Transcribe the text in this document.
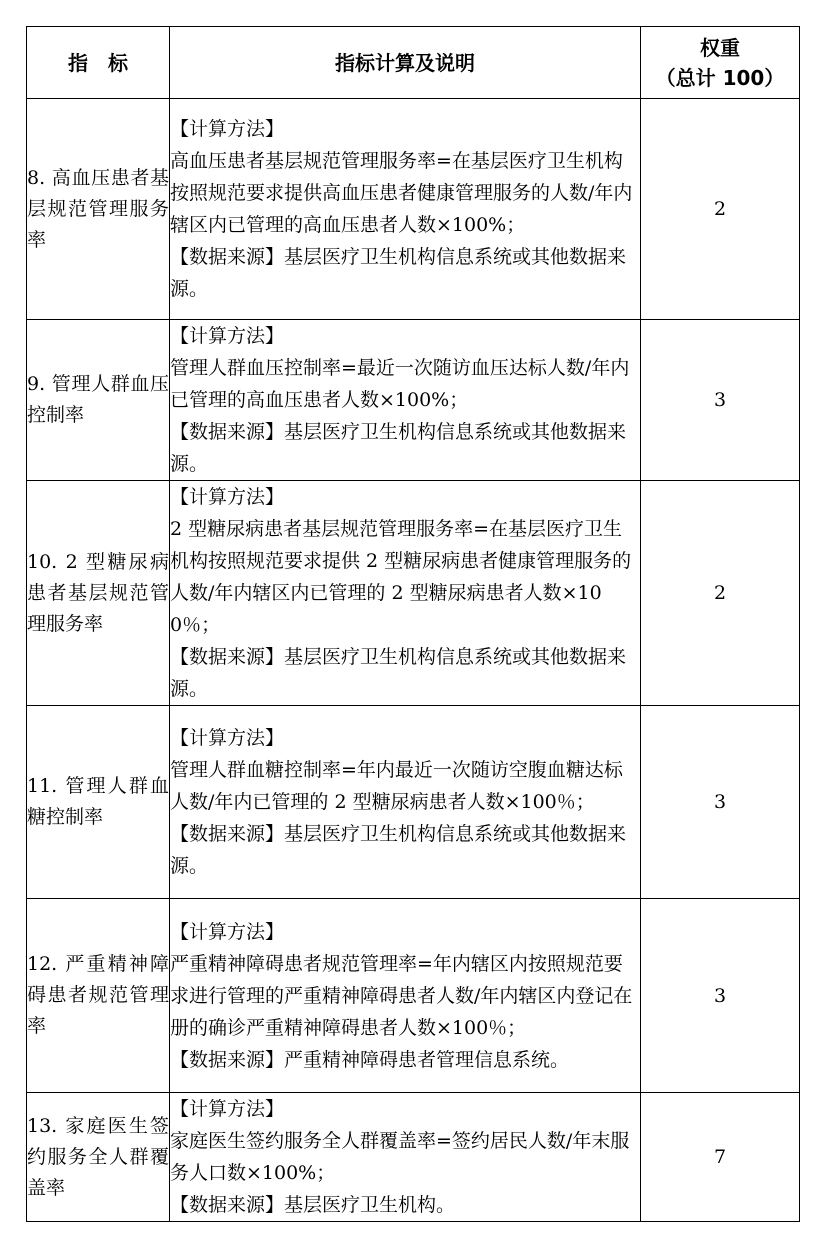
指　标	指标计算及说明	权重
（总计 100）

8. 高血压患者基层规范管理服务率	【计算方法】
高血压患者基层规范管理服务率=在基层医疗卫生机构按照规范要求提供高血压患者健康管理服务的人数/年内辖区内已管理的高血压患者人数×100%；
【数据来源】基层医疗卫生机构信息系统或其他数据来源。	2
9. 管理人群血压控制率	【计算方法】
管理人群血压控制率=最近一次随访血压达标人数/年内已管理的高血压患者人数×100%；
【数据来源】基层医疗卫生机构信息系统或其他数据来源。	3
10. 2 型糖尿病患者基层规范管理服务率	【计算方法】
2 型糖尿病患者基层规范管理服务率=在基层医疗卫生机构按照规范要求提供 2 型糖尿病患者健康管理服务的人数/年内辖区内已管理的 2 型糖尿病患者人数×100％；
【数据来源】基层医疗卫生机构信息系统或其他数据来源。	2
11. 管理人群血糖控制率	【计算方法】
管理人群血糖控制率=年内最近一次随访空腹血糖达标人数/年内已管理的 2 型糖尿病患者人数×100％；
【数据来源】基层医疗卫生机构信息系统或其他数据来源。	3
12. 严重精神障碍患者规范管理率	【计算方法】
严重精神障碍患者规范管理率=年内辖区内按照规范要求进行管理的严重精神障碍患者人数/年内辖区内登记在册的确诊严重精神障碍患者人数×100％；
【数据来源】严重精神障碍患者管理信息系统。	3
13. 家庭医生签约服务全人群覆盖率	【计算方法】
家庭医生签约服务全人群覆盖率=签约居民人数/年末服务人口数×100%；
【数据来源】基层医疗卫生机构。	7
